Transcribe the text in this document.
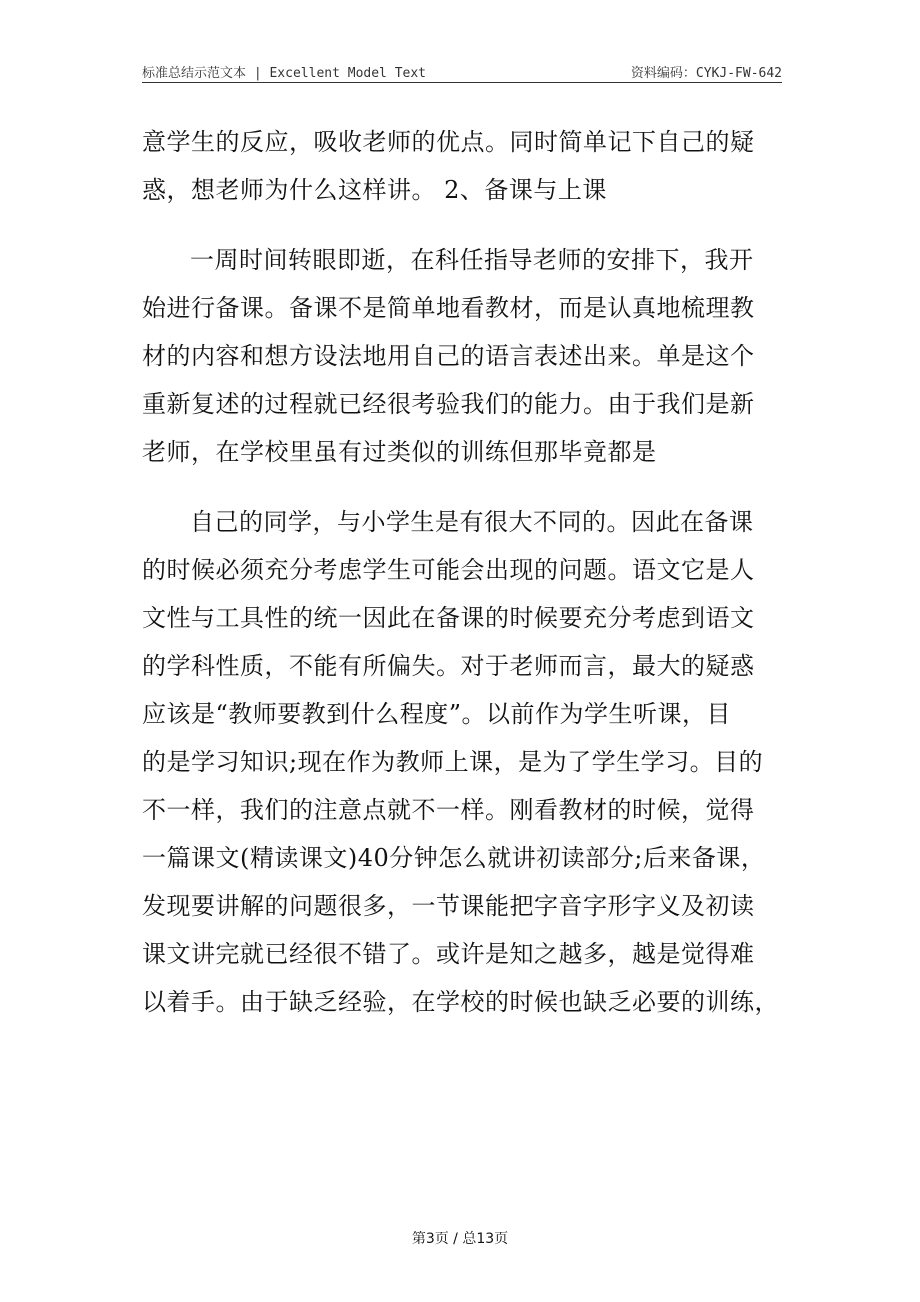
标准总结示范文本 | Excellent Model Text	资料编码：CYKJ-FW-642
意学生的反应，吸收老师的优点。同时简单记下自己的疑
惑，想老师为什么这样讲。 2、备课与上课
一周时间转眼即逝，在科任指导老师的安排下，我开
始进行备课。备课不是简单地看教材，而是认真地梳理教
材的内容和想方设法地用自己的语言表述出来。单是这个
重新复述的过程就已经很考验我们的能力。由于我们是新
老师，在学校里虽有过类似的训练但那毕竟都是
自己的同学，与小学生是有很大不同的。因此在备课
的时候必须充分考虑学生可能会出现的问题。语文它是人
文性与工具性的统一因此在备课的时候要充分考虑到语文
的学科性质，不能有所偏失。对于老师而言，最大的疑惑
应该是“教师要教到什么程度”。以前作为学生听课，目
的是学习知识;现在作为教师上课，是为了学生学习。目的
不一样，我们的注意点就不一样。刚看教材的时候，觉得
一篇课文(精读课文)40分钟怎么就讲初读部分;后来备课，
发现要讲解的问题很多，一节课能把字音字形字义及初读
课文讲完就已经很不错了。或许是知之越多，越是觉得难
以着手。由于缺乏经验，在学校的时候也缺乏必要的训练，
第3页 / 总13页
